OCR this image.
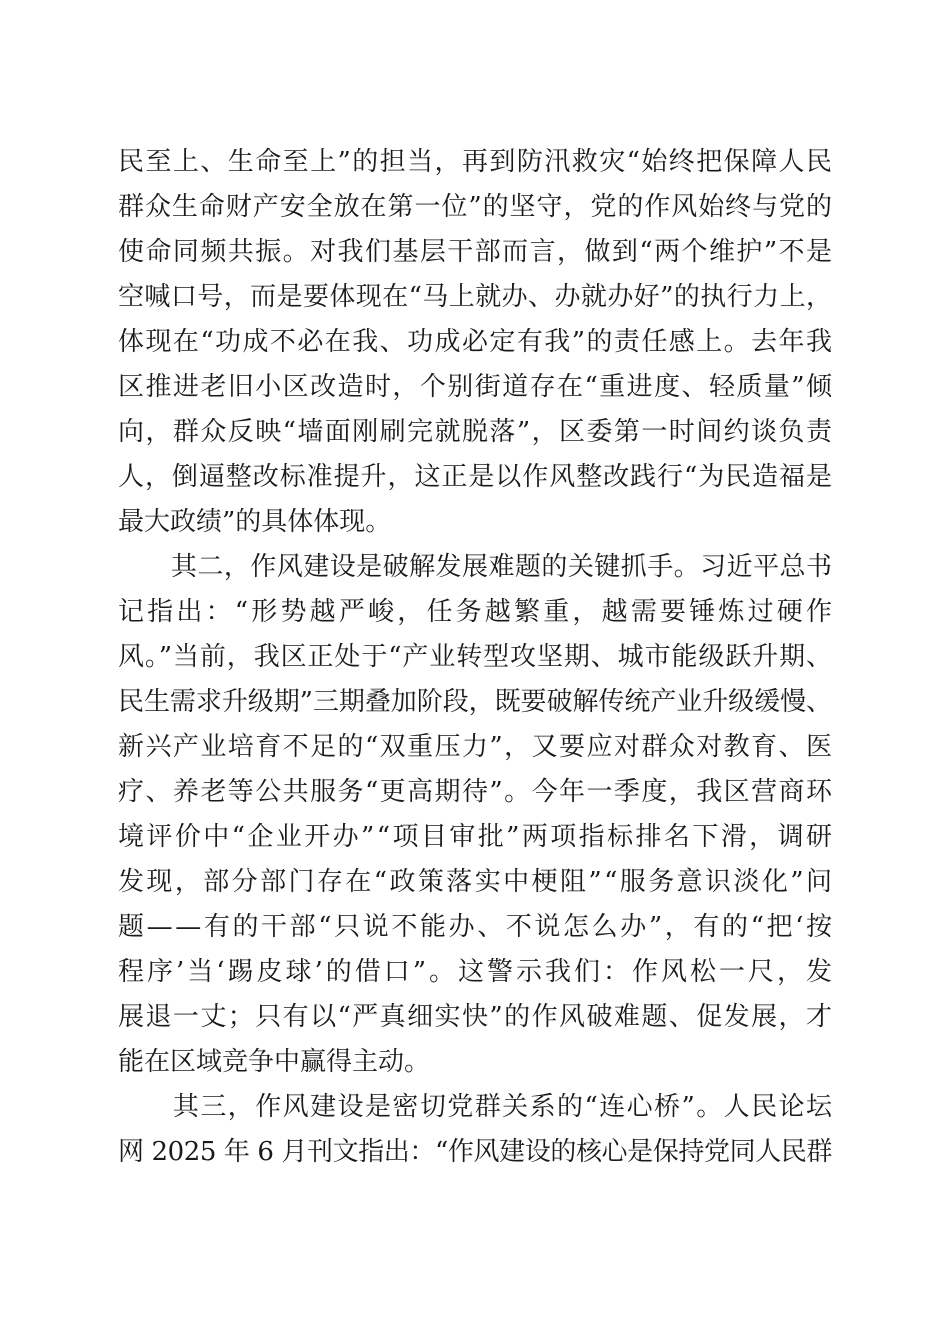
民至上、生命至上”的担当，再到防汛救灾“始终把保障人民
群众生命财产安全放在第一位”的坚守，党的作风始终与党的
使命同频共振。对我们基层干部而言，做到“两个维护”不是
空喊口号，而是要体现在“马上就办、办就办好”的执行力上，
体现在“功成不必在我、功成必定有我”的责任感上。去年我
区推进老旧小区改造时，个别街道存在“重进度、轻质量”倾
向，群众反映“墙面刚刷完就脱落”，区委第一时间约谈负责
人，倒逼整改标准提升，这正是以作风整改践行“为民造福是
最大政绩”的具体体现。
　　其二，作风建设是破解发展难题的关键抓手。习近平总书
记指出：“形势越严峻，任务越繁重，越需要锤炼过硬作
风。”当前，我区正处于“产业转型攻坚期、城市能级跃升期、
民生需求升级期”三期叠加阶段，既要破解传统产业升级缓慢、
新兴产业培育不足的“双重压力”，又要应对群众对教育、医
疗、养老等公共服务“更高期待”。今年一季度，我区营商环
境评价中“企业开办”“项目审批”两项指标排名下滑，调研
发现，部分部门存在“政策落实中梗阻”“服务意识淡化”问
题——有的干部“只说不能办、不说怎么办”，有的“把‘按
程序’当‘踢皮球’的借口”。这警示我们：作风松一尺，发
展退一丈；只有以“严真细实快”的作风破难题、促发展，才
能在区域竞争中赢得主动。
　　其三，作风建设是密切党群关系的“连心桥”。人民论坛
网 2025 年 6 月刊文指出：“作风建设的核心是保持党同人民群
